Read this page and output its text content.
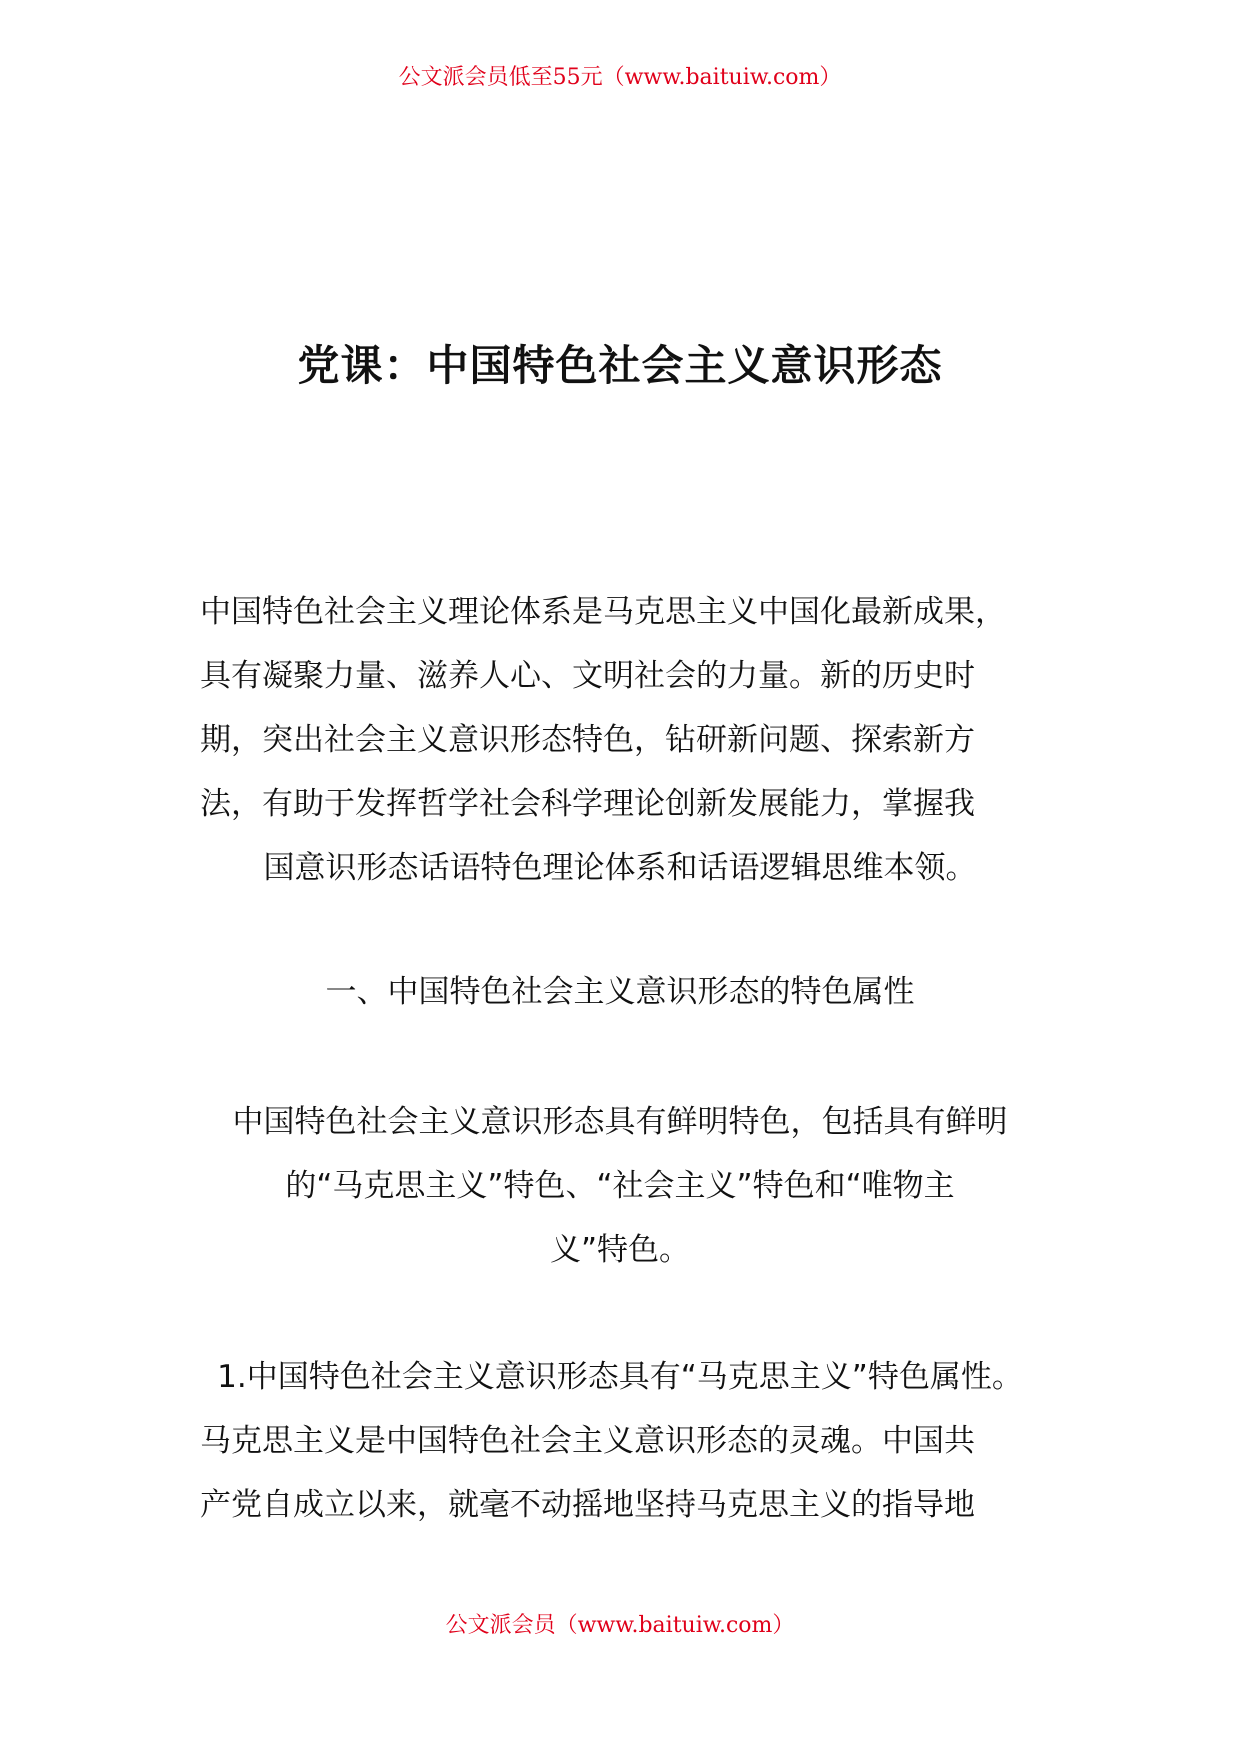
公文派会员低至55元（www.baituiw.com）
党课：中国特色社会主义意识形态
中国特色社会主义理论体系是马克思主义中国化最新成果，
具有凝聚力量、滋养人心、文明社会的力量。新的历史时
期，突出社会主义意识形态特色，钻研新问题、探索新方
法，有助于发挥哲学社会科学理论创新发展能力，掌握我
国意识形态话语特色理论体系和话语逻辑思维本领。
一、中国特色社会主义意识形态的特色属性
中国特色社会主义意识形态具有鲜明特色，包括具有鲜明
的“马克思主义”特色、“社会主义”特色和“唯物主
义”特色。
1.中国特色社会主义意识形态具有“马克思主义”特色属性。
马克思主义是中国特色社会主义意识形态的灵魂。中国共
产党自成立以来，就毫不动摇地坚持马克思主义的指导地
公文派会员（www.baituiw.com）
